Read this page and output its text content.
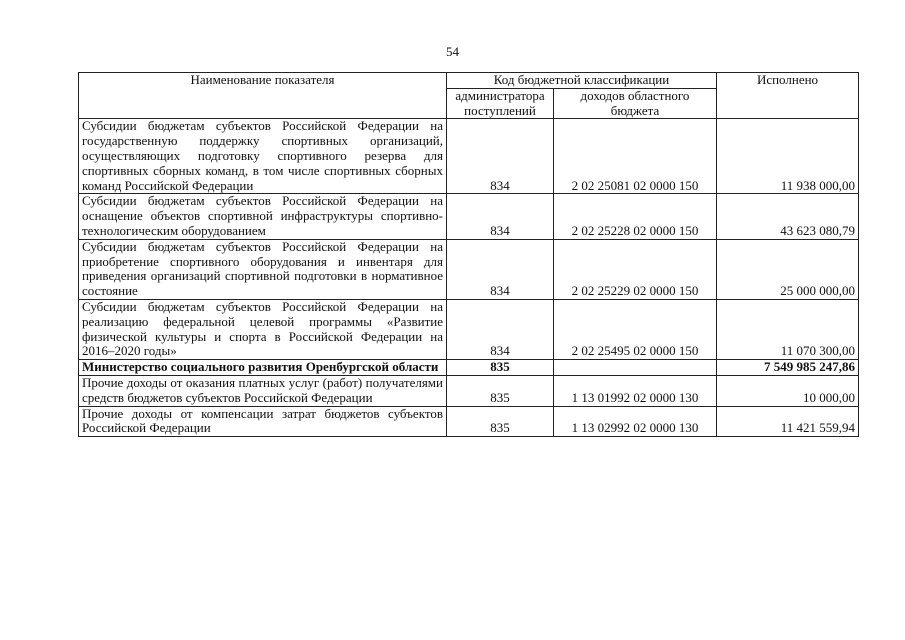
54
Наименование показателя	Код бюджетной классификации		Исполнено
	администратора поступлений	доходов областного бюджета	
Субсидии бюджетам субъектов Российской Федерации на государственную поддержку спортивных организаций, осуществляющих подготовку спортивного резерва для спортивных сборных команд, в том числе спортивных сборных команд Российской Федерации	834	2 02 25081 02 0000 150	11 938 000,00
Субсидии бюджетам субъектов Российской Федерации на оснащение объектов спортивной инфраструктуры спортивно-технологическим оборудованием	834	2 02 25228 02 0000 150	43 623 080,79
Субсидии бюджетам субъектов Российской Федерации на приобретение спортивного оборудования и инвентаря для приведения организаций спортивной подготовки в нормативное состояние	834	2 02 25229 02 0000 150	25 000 000,00
Субсидии бюджетам субъектов Российской Федерации на реализацию федеральной целевой программы «Развитие физической культуры и спорта в Российской Федерации на 2016–2020 годы»	834	2 02 25495 02 0000 150	11 070 300,00
Министерство социального развития Оренбургской области	835		7 549 985 247,86
Прочие доходы от оказания платных услуг (работ) получателями средств бюджетов субъектов Российской Федерации	835	1 13 01992 02 0000 130	10 000,00
Прочие доходы от компенсации затрат бюджетов субъектов Российской Федерации	835	1 13 02992 02 0000 130	11 421 559,94
